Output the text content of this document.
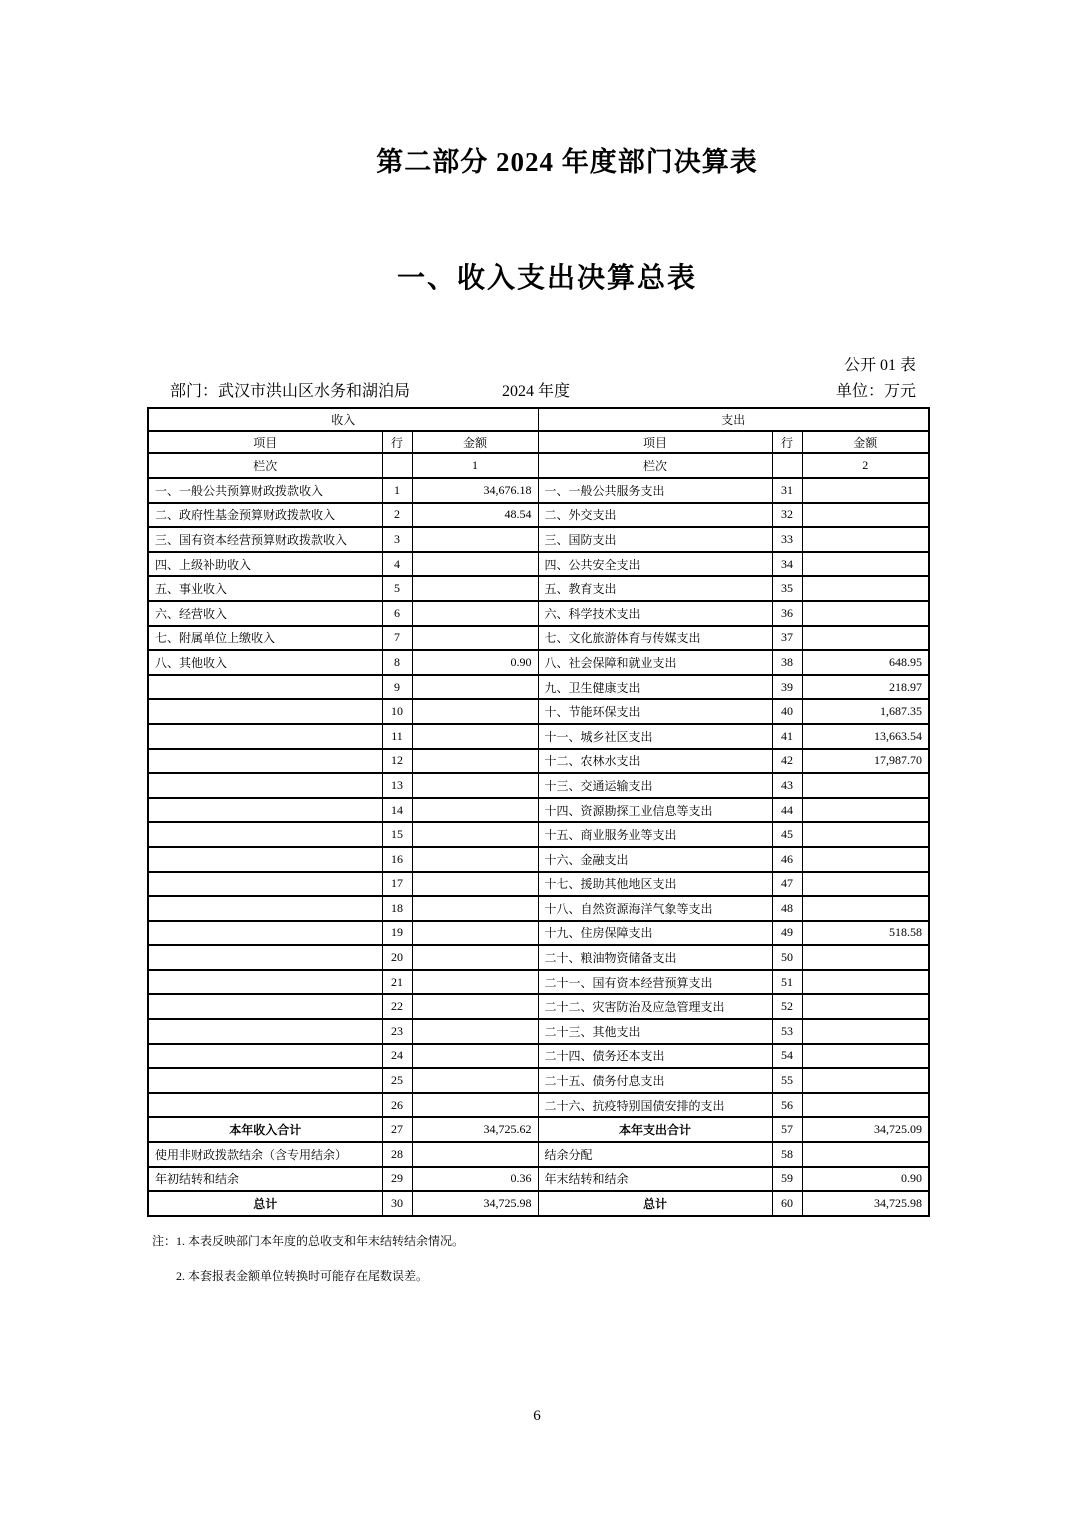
第二部分 2024 年度部门决算表
一、收入支出决算总表
公开 01 表
部门：武汉市洪山区水务和湖泊局	2024 年度	单位：万元
收入			支出		
项目	行	金额	项目	行	金额
栏次		1	栏次		2
一、一般公共预算财政拨款收入	1	34,676.18	一、一般公共服务支出	31	
二、政府性基金预算财政拨款收入	2	48.54	二、外交支出	32	
三、国有资本经营预算财政拨款收入	3		三、国防支出	33	
四、上级补助收入	4		四、公共安全支出	34	
五、事业收入	5		五、教育支出	35	
六、经营收入	6		六、科学技术支出	36	
七、附属单位上缴收入	7		七、文化旅游体育与传媒支出	37	
八、其他收入	8	0.90	八、社会保障和就业支出	38	648.95
	9		九、卫生健康支出	39	218.97
	10		十、节能环保支出	40	1,687.35
	11		十一、城乡社区支出	41	13,663.54
	12		十二、农林水支出	42	17,987.70
	13		十三、交通运输支出	43	
	14		十四、资源勘探工业信息等支出	44	
	15		十五、商业服务业等支出	45	
	16		十六、金融支出	46	
	17		十七、援助其他地区支出	47	
	18		十八、自然资源海洋气象等支出	48	
	19		十九、住房保障支出	49	518.58
	20		二十、粮油物资储备支出	50	
	21		二十一、国有资本经营预算支出	51	
	22		二十二、灾害防治及应急管理支出	52	
	23		二十三、其他支出	53	
	24		二十四、债务还本支出	54	
	25		二十五、债务付息支出	55	
	26		二十六、抗疫特别国债安排的支出	56	
本年收入合计	27	34,725.62	本年支出合计	57	34,725.09
使用非财政拨款结余（含专用结余）	28		结余分配	58	
年初结转和结余	29	0.36	年末结转和结余	59	0.90
总计	30	34,725.98	总计	60	34,725.98
注：1. 本表反映部门本年度的总收支和年末结转结余情况。
2. 本套报表金额单位转换时可能存在尾数误差。
6
